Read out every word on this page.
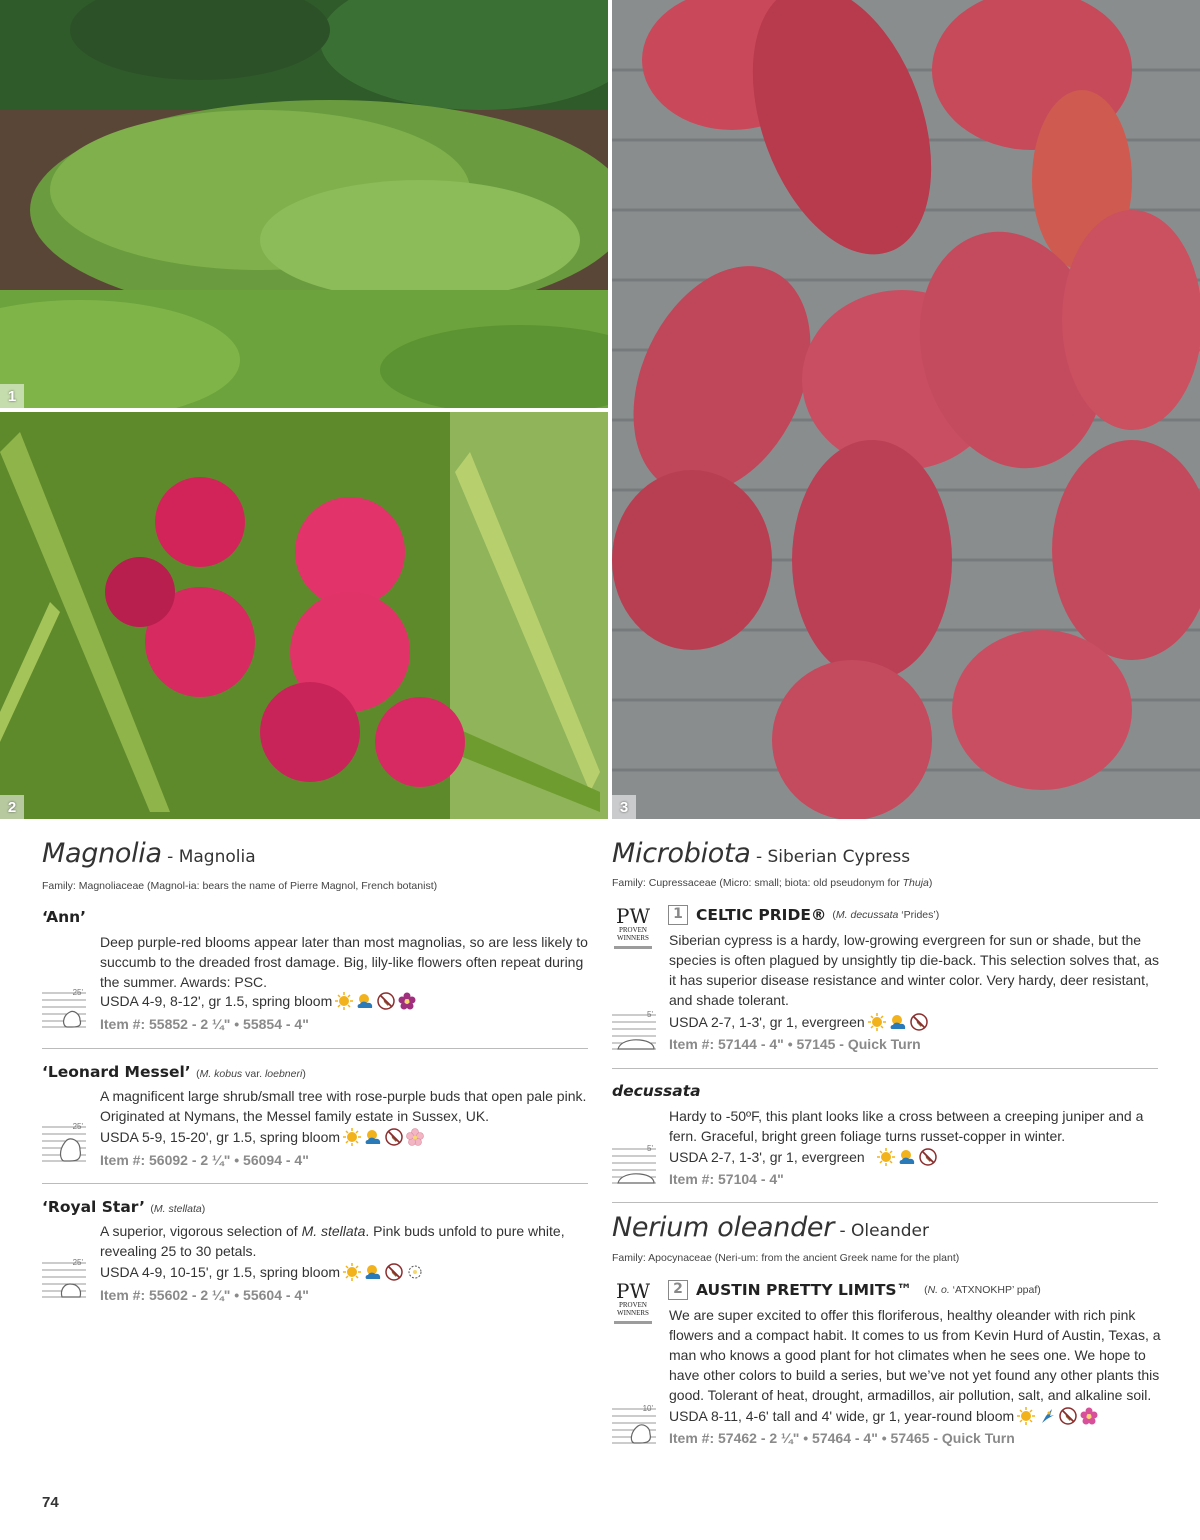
1
2	3
Magnolia - Magnolia
Family: Magnoliaceae (Magnol-ia: bears the name of Pierre Magnol, French botanist)
‘Ann’
Deep purple-red blooms appear later than most magnolias, so are less likely to succumb to the dreaded frost damage. Big, lily-like flowers often repeat during the summer. Awards: PSC.
25'
USDA 4-9, 8-12', gr 1.5, spring bloom
Item #: 55852 - 2 ¼" • 55854 - 4"
‘Leonard Messel’ (M. kobus var. loebneri)
A magnificent large shrub/small tree with rose-purple buds that open pale pink. Originated at Nymans, the Messel family estate in Sussex, UK.
25'
USDA 5-9, 15-20', gr 1.5, spring bloom
Item #: 56092 - 2 ¼" • 56094 - 4"
‘Royal Star’ (M. stellata)
A superior, vigorous selection of M. stellata. Pink buds unfold to pure white, revealing 25 to 30 petals.
25'
USDA 4-9, 10-15', gr 1.5, spring bloom
Item #: 55602 - 2 ¼" • 55604 - 4"
Microbiota - Siberian Cypress
Family: Cupressaceae (Micro: small; biota: old pseudonym for Thuja)
PW
PROVEN
WINNERS
1 CELTIC PRIDE® (M. decussata ‘Prides’)
Siberian cypress is a hardy, low-growing evergreen for sun or shade, but the species is often plagued by unsightly tip die-back. This selection solves that, as it has superior disease resistance and winter color. Very hardy, deer resistant, and shade tolerant.
5' USDA 2-7, 1-3', gr 1, evergreen
Item #: 57144 - 4" • 57145 - Quick Turn
decussata
Hardy to -50ºF, this plant looks like a cross between a creeping juniper and a fern. Graceful, bright green foliage turns russet-copper in winter.
5'
USDA 2-7, 1-3', gr 1, evergreen
Item #: 57104 - 4"
Nerium oleander - Oleander
Family: Apocynaceae (Neri-um: from the ancient Greek name for the plant)
PW
PROVEN
WINNERS
2 AUSTIN PRETTY LIMITS™ (N. o. ‘ATXNOKHP’ ppaf)
We are super excited to offer this floriferous, healthy oleander with rich pink flowers and a compact habit. It comes to us from Kevin Hurd of Austin, Texas, a man who knows a good plant for hot climates when he sees one. We hope to have other colors to build a series, but we’ve not yet found any other plants this good. Tolerant of heat, drought, armadillos, air pollution, salt, and alkaline soil.
10' USDA 8-11, 4-6' tall and 4' wide, gr 1, year-round bloom
Item #: 57462 - 2 ¼" • 57464 - 4" • 57465 - Quick Turn
74
